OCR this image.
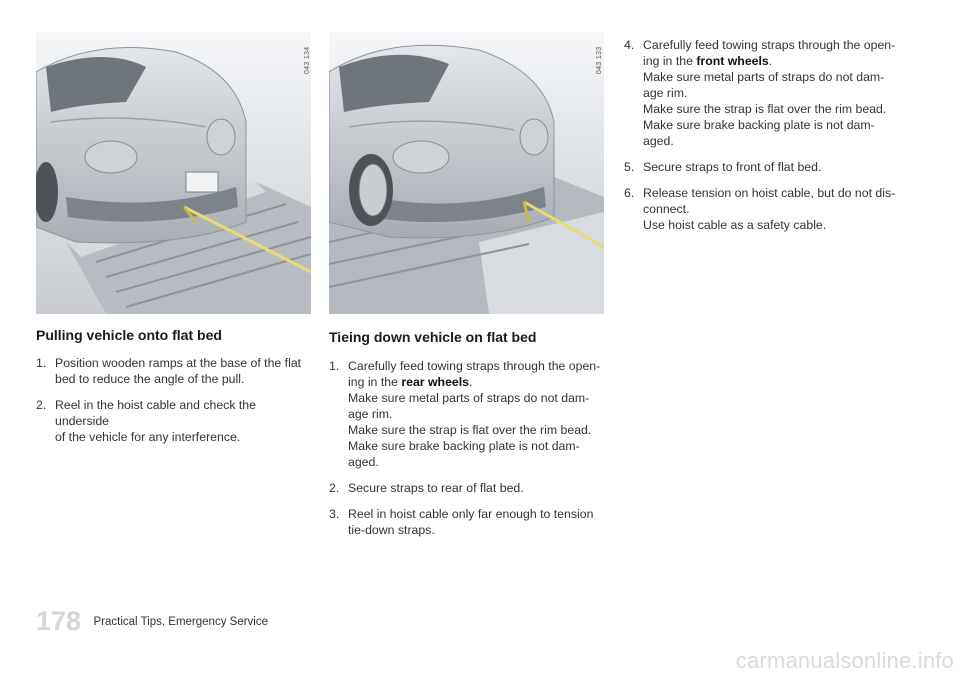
043 134	043 133
Pulling vehicle onto flat bed
1. Position wooden ramps at the base of the flat
bed to reduce the angle of the pull.
2. Reel in the hoist cable and check the underside
of the vehicle for any interference.
Tieing down vehicle on flat bed
1. Carefully feed towing straps through the open-
ing in the rear wheels.
Make sure metal parts of straps do not dam-
age rim.
Make sure the strap is flat over the rim bead.
Make sure brake backing plate is not dam-
aged.
2. Secure straps to rear of flat bed.
3. Reel in hoist cable only far enough to tension
tie-down straps.
4. Carefully feed towing straps through the open-
ing in the front wheels.
Make sure metal parts of straps do not dam-
age rim.
Make sure the strap is flat over the rim bead.
Make sure brake backing plate is not dam-
aged.
5. Secure straps to front of flat bed.
6. Release tension on hoist cable, but do not dis-
connect.
Use hoist cable as a safety cable.
178 Practical Tips, Emergency Service
carmanualsonline.info
